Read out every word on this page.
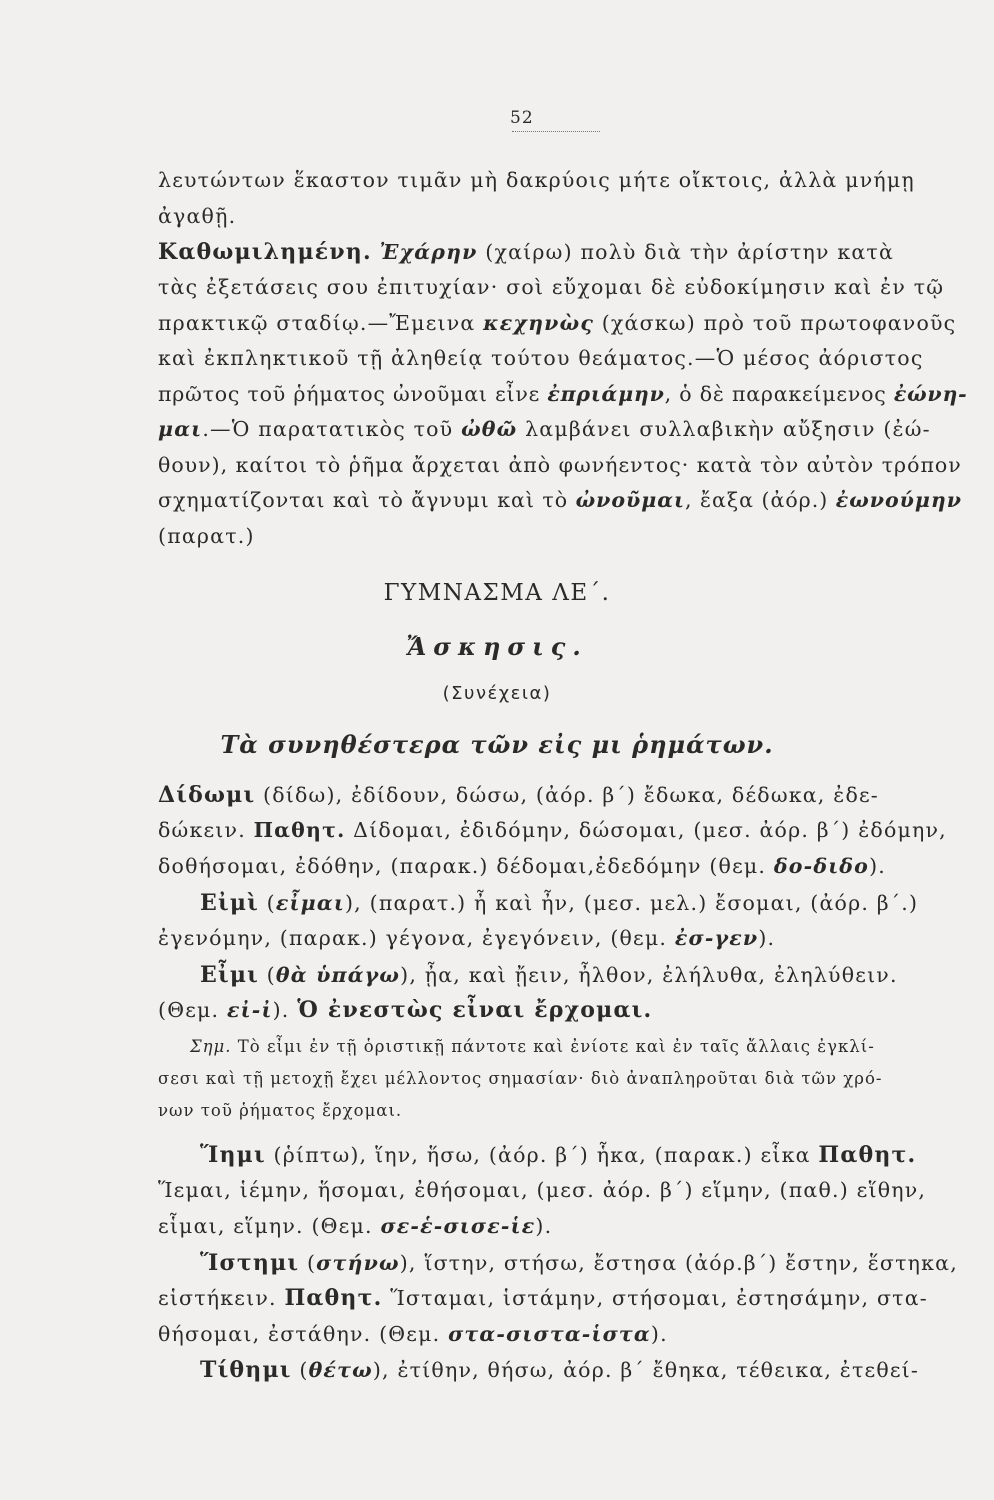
52
λευτώντων ἕκαστον τιμᾶν μὴ δακρύοις μήτε οἴκτοις, ἀλλὰ μνήμῃ
ἀγαθῇ.
Καθωμιλημένη. Ἐχάρην (χαίρω) πολὺ διὰ τὴν ἀρίστην κατὰ
τὰς ἐξετάσεις σου ἐπιτυχίαν· σοὶ εὔχομαι δὲ εὐδοκίμησιν καὶ ἐν τῷ
πρακτικῷ σταδίῳ.—Ἔμεινα κεχηνὼς (χάσκω) πρὸ τοῦ πρωτοφανοῦς
καὶ ἐκπληκτικοῦ τῇ ἀληθείᾳ τούτου θεάματος.—Ὁ μέσος ἀόριστος
πρῶτος τοῦ ῥήματος ὠνοῦμαι εἶνε ἐπριάμην, ὁ δὲ παρακείμενος ἐώνη-
μαι.—Ὁ παρατατικὸς τοῦ ὠθῶ λαμβάνει συλλαβικὴν αὔξησιν (ἐώ-
θουν), καίτοι τὸ ῥῆμα ἄρχεται ἀπὸ φωνήεντος· κατὰ τὸν αὐτὸν τρόπον
σχηματίζονται καὶ τὸ ἄγνυμι καὶ τὸ ὠνοῦμαι, ἔαξα (ἀόρ.) ἐωνούμην
(παρατ.)
ΓΥΜΝΑΣΜΑ ΛΕ΄.
Ἄσκησις.
(Συνέχεια)
Τὰ συνηθέστερα τῶν εἰς μι ῥημάτων.
Δίδωμι (δίδω), ἐδίδουν, δώσω, (ἀόρ. β΄) ἔδωκα, δέδωκα, ἐδε-
δώκειν. Παθητ. Δίδομαι, ἐδιδόμην, δώσομαι, (μεσ. ἀόρ. β΄) ἐδόμην,
δοθήσομαι, ἐδόθην, (παρακ.) δέδομαι,ἐδεδόμην (θεμ. δο-διδο).
Εἰμὶ (εἶμαι), (παρατ.) ἦ καὶ ἦν, (μεσ. μελ.) ἔσομαι, (ἀόρ. β΄.)
ἐγενόμην, (παρακ.) γέγονα, ἐγεγόνειν, (θεμ. ἐσ-γεν).
Εἶμι (θὰ ὑπάγω), ᾖα, καὶ ᾔειν, ἦλθον, ἐλήλυθα, ἐληλύθειν.
(Θεμ. εἰ-ἰ). Ὁ ἐνεστὼς εἶναι ἔρχομαι.
Σημ. Τὸ εἶμι ἐν τῇ ὁριστικῇ πάντοτε καὶ ἐνίοτε καὶ ἐν ταῖς ἄλλαις ἐγκλί-
σεσι καὶ τῇ μετοχῇ ἔχει μέλλοντος σημασίαν· διὸ ἀναπληροῦται διὰ τῶν χρό-
νων τοῦ ῥήματος ἔρχομαι.
Ἵημι (ῥίπτω), ἵην, ἥσω, (ἀόρ. β΄) ἧκα, (παρακ.) εἷκα Παθητ.
Ἵεμαι, ἱέμην, ἥσομαι, ἐθήσομαι, (μεσ. ἀόρ. β΄) εἵμην, (παθ.) εἵθην,
εἷμαι, εἵμην. (Θεμ. σε-ἑ-σισε-ἱε).
Ἵστημι (στήνω), ἵστην, στήσω, ἔστησα (ἀόρ.β΄) ἔστην, ἕστηκα,
εἱστήκειν. Παθητ. Ἵσταμαι, ἱστάμην, στήσομαι, ἐστησάμην, στα-
θήσομαι, ἐστάθην. (Θεμ. στα-σιστα-ἱστα).
Τίθημι (θέτω), ἐτίθην, θήσω, ἀόρ. β΄ ἔθηκα, τέθεικα, ἐτεθεί-
